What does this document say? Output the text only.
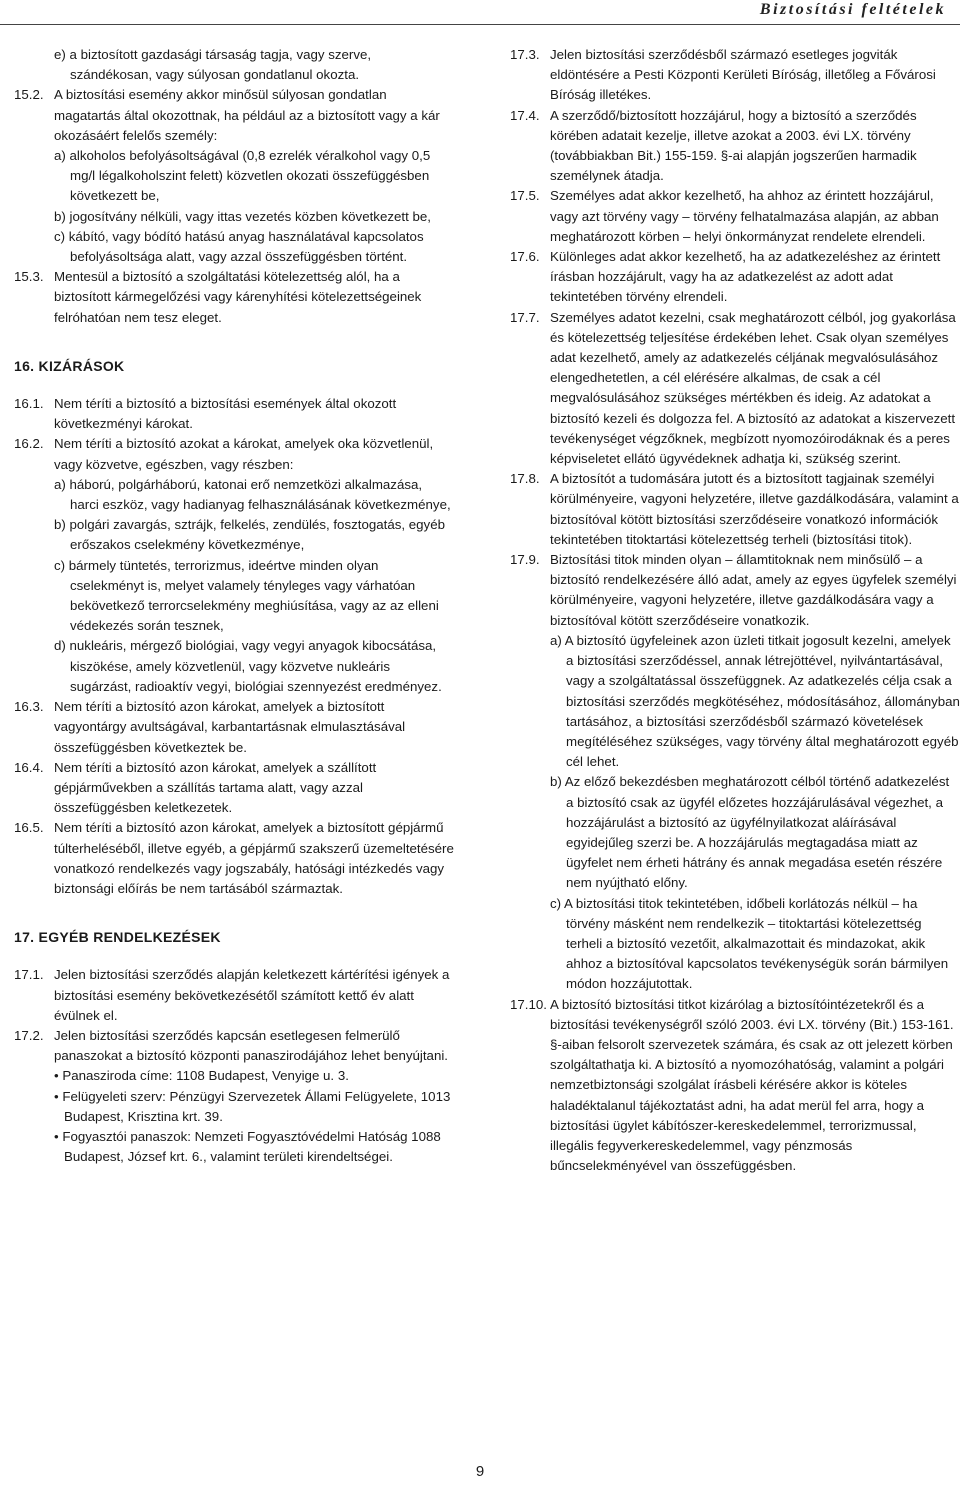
Biztosítási feltételek
e) a biztosított gazdasági társaság tagja, vagy szerve, szándékosan, vagy súlyosan gondatlanul okozta.
15.2. A biztosítási esemény akkor minősül súlyosan gondatlan magatartás által okozottnak, ha például az a biztosított vagy a kár okozásáért felelős személy:
a) alkoholos befolyásoltságával (0,8 ezrelék véralkohol vagy 0,5 mg/l légalkoholszint felett) közvetlen okozati összefüggésben következett be,
b) jogosítvány nélküli, vagy ittas vezetés közben következett be,
c) kábító, vagy bódító hatású anyag használatával kapcsolatos befolyásoltsága alatt, vagy azzal összefüggésben történt.
15.3. Mentesül a biztosító a szolgáltatási kötelezettség alól, ha a biztosított kármegelőzési vagy kárenyhítési kötelezettségeinek felróhatóan nem tesz eleget.
16. KIZÁRÁSOK
16.1. Nem téríti a biztosító a biztosítási események által okozott következményi károkat.
16.2. Nem téríti a biztosító azokat a károkat, amelyek oka közvetlenül, vagy közvetve, egészben, vagy részben:
a) háború, polgárháború, katonai erő nemzetközi alkalmazása, harci eszköz, vagy hadianyag felhasználásának következménye,
b) polgári zavargás, sztrájk, felkelés, zendülés, fosztogatás, egyéb erőszakos cselekmény következménye,
c) bármely tüntetés, terrorizmus, ideértve minden olyan cselekményt is, melyet valamely tényleges vagy várhatóan bekövetkező terrorcselekmény meghiúsítása, vagy az az elleni védekezés során tesznek,
d) nukleáris, mérgező biológiai, vagy vegyi anyagok kibocsátása, kiszökése, amely közvetlenül, vagy közvetve nukleáris sugárzást, radioaktív vegyi, biológiai szennyezést eredményez.
16.3. Nem téríti a biztosító azon károkat, amelyek a biztosított vagyontárgy avultságával, karbantartásnak elmulasztásával összefüggésben következtek be.
16.4. Nem téríti a biztosító azon károkat, amelyek a szállított gépjárművekben a szállítás tartama alatt, vagy azzal összefüggésben keletkezetek.
16.5. Nem téríti a biztosító azon károkat, amelyek a biztosított gépjármű túlterheléséből, illetve egyéb, a gépjármű szakszerű üzemeltetésére vonatkozó rendelkezés vagy jogszabály, hatósági intézkedés vagy biztonsági előírás be nem tartásából származtak.
17. EGYÉB RENDELKEZÉSEK
17.1. Jelen biztosítási szerződés alapján keletkezett kártérítési igények a biztosítási esemény bekövetkezésétől számított kettő év alatt évülnek el.
17.2. Jelen biztosítási szerződés kapcsán esetlegesen felmerülő panaszokat a biztosító központi panaszirodájához lehet benyújtani.
• Panasziroda címe: 1108 Budapest, Venyige u. 3.
• Felügyeleti szerv: Pénzügyi Szervezetek Állami Felügyelete, 1013 Budapest, Krisztina krt. 39.
• Fogyasztói panaszok: Nemzeti Fogyasztóvédelmi Hatóság 1088 Budapest, József krt. 6., valamint területi kirendeltségei.
17.3. Jelen biztosítási szerződésből származó esetleges jogviták eldöntésére a Pesti Központi Kerületi Bíróság, illetőleg a Fővárosi Bíróság illetékes.
17.4. A szerződő/biztosított hozzájárul, hogy a biztosító a szerződés körében adatait kezelje, illetve azokat a 2003. évi LX. törvény (továbbiakban Bit.) 155-159. §-ai alapján jogszerűen harmadik személynek átadja.
17.5. Személyes adat akkor kezelhető, ha ahhoz az érintett hozzájárul, vagy azt törvény vagy – törvény felhatalmazása alapján, az abban meghatározott körben – helyi önkormányzat rendelete elrendeli.
17.6. Különleges adat akkor kezelhető, ha az adatkezeléshez az érintett írásban hozzájárult, vagy ha az adatkezelést az adott adat tekintetében törvény elrendeli.
17.7. Személyes adatot kezelni, csak meghatározott célból, jog gyakorlása és kötelezettség teljesítése érdekében lehet. Csak olyan személyes adat kezelhető, amely az adatkezelés céljának megvalósulásához elengedhetetlen, a cél elérésére alkalmas, de csak a cél megvalósulásához szükséges mértékben és ideig. Az adatokat a biztosító kezeli és dolgozza fel. A biztosító az adatokat a kiszervezett tevékenységet végzőknek, megbízott nyomozóirodáknak és a peres képviseletet ellátó ügyvédeknek adhatja ki, szükség szerint.
17.8. A biztosítót a tudomására jutott és a biztosított tagjainak személyi körülményeire, vagyoni helyzetére, illetve gazdálkodására, valamint a biztosítóval kötött biztosítási szerződéseire vonatkozó információk tekintetében titoktartási kötelezettség terheli (biztosítási titok).
17.9. Biztosítási titok minden olyan – államtitoknak nem minősülő – a biztosító rendelkezésére álló adat, amely az egyes ügyfelek személyi körülményeire, vagyoni helyzetére, illetve gazdálkodására vagy a biztosítóval kötött szerződéseire vonatkozik.
a) A biztosító ügyfeleinek azon üzleti titkait jogosult kezelni, amelyek a biztosítási szerződéssel, annak létrejöttével, nyilvántartásával, vagy a szolgáltatással összefüggnek. Az adatkezelés célja csak a biztosítási szerződés megkötéséhez, módosításához, állományban tartásához, a biztosítási szerződésből származó követelések megítéléséhez szükséges, vagy törvény által meghatározott egyéb cél lehet.
b) Az előző bekezdésben meghatározott célból történő adatkezelést a biztosító csak az ügyfél előzetes hozzájárulásával végezhet, a hozzájárulást a biztosító az ügyfélnyilatkozat aláírásával egyidejűleg szerzi be. A hozzájárulás megtagadása miatt az ügyfelet nem érheti hátrány és annak megadása esetén részére nem nyújtható előny.
c) A biztosítási titok tekintetében, időbeli korlátozás nélkül – ha törvény másként nem rendelkezik – titoktartási kötelezettség terheli a biztosító vezetőit, alkalmazottait és mindazokat, akik ahhoz a biztosítóval kapcsolatos tevékenységük során bármilyen módon hozzájutottak.
17.10. A biztosító biztosítási titkot kizárólag a biztosítóintézetekről és a biztosítási tevékenységről szóló 2003. évi LX. törvény (Bit.) 153-161. §-aiban felsorolt szervezetek számára, és csak az ott jelezett körben szolgáltathatja ki. A biztosító a nyomozóhatóság, valamint a polgári nemzetbiztonsági szolgálat írásbeli kérésére akkor is köteles haladéktalanul tájékoztatást adni, ha adat merül fel arra, hogy a biztosítási ügylet kábítószer-kereskedelemmel, terrorizmussal, illegális fegyverkereskedelemmel, vagy pénzmosás bűncselekményével van összefüggésben.
9
